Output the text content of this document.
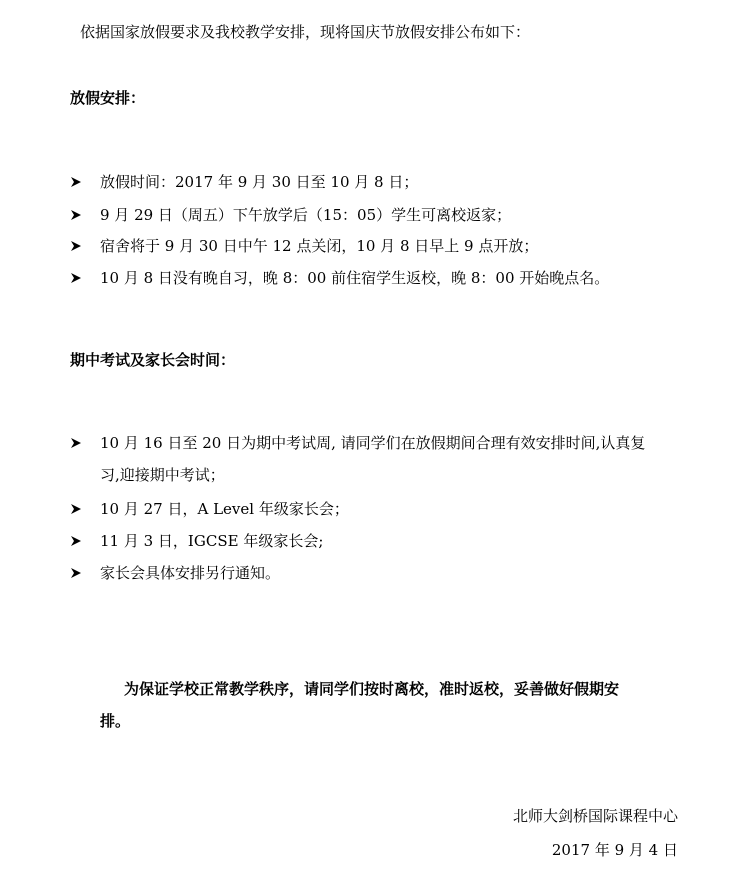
依据国家放假要求及我校教学安排，现将国庆节放假安排公布如下：
放假安排：
放假时间：2017 年 9 月 30 日至 10 月 8 日；
9 月 29 日（周五）下午放学后（15：05）学生可离校返家；
宿舍将于 9 月 30 日中午 12 点关闭，10 月 8 日早上 9 点开放；
10 月 8 日没有晚自习，晚 8：00 前住宿学生返校，晚 8：00 开始晚点名。
期中考试及家长会时间：
10 月 16 日至 20 日为期中考试周, 请同学们在放假期间合理有效安排时间,认真复
习,迎接期中考试；
10 月 27 日，A Level 年级家长会；
11 月 3 日，IGCSE 年级家长会;
家长会具体安排另行通知。
为保证学校正常教学秩序，请同学们按时离校，准时返校，妥善做好假期安
排。
北师大剑桥国际课程中心
2017 年 9 月 4 日
